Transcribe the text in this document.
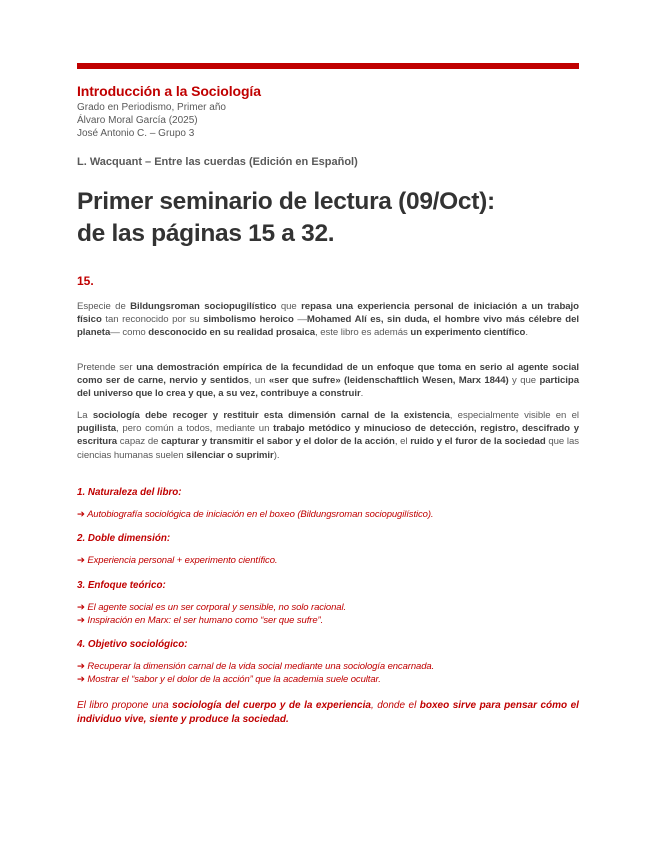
Introducción a la Sociología
Grado en Periodismo, Primer año
Álvaro Moral García (2025)
José Antonio C. – Grupo 3
L. Wacquant – Entre las cuerdas (Edición en Español)
Primer seminario de lectura (09/Oct):
de las páginas 15 a 32.
15.
Especie de Bildungsroman sociopugilístico que repasa una experiencia personal de iniciación a un trabajo físico tan reconocido por su simbolismo heroico —Mohamed Alí es, sin duda, el hombre vivo más célebre del planeta— como desconocido en su realidad prosaica, este libro es además un experimento científico.
Pretende ser una demostración empírica de la fecundidad de un enfoque que toma en serio al agente social como ser de carne, nervio y sentidos, un «ser que sufre» (leidenschaftlich Wesen, Marx 1844) y que participa del universo que lo crea y que, a su vez, contribuye a construir.
La sociología debe recoger y restituir esta dimensión carnal de la existencia, especialmente visible en el pugilista, pero común a todos, mediante un trabajo metódico y minucioso de detección, registro, descifrado y escritura capaz de capturar y transmitir el sabor y el dolor de la acción, el ruido y el furor de la sociedad que las ciencias humanas suelen silenciar o suprimir).
1. Naturaleza del libro:
➔ Autobiografía sociológica de iniciación en el boxeo (Bildungsroman sociopugilístico).
2. Doble dimensión:
➔ Experiencia personal + experimento científico.
3. Enfoque teórico:
➔ El agente social es un ser corporal y sensible, no solo racional.
➔ Inspiración en Marx: el ser humano como “ser que sufre”.
4. Objetivo sociológico:
➔ Recuperar la dimensión carnal de la vida social mediante una sociología encarnada.
➔ Mostrar el “sabor y el dolor de la acción” que la academia suele ocultar.
El libro propone una sociología del cuerpo y de la experiencia, donde el boxeo sirve para pensar cómo el individuo vive, siente y produce la sociedad.
